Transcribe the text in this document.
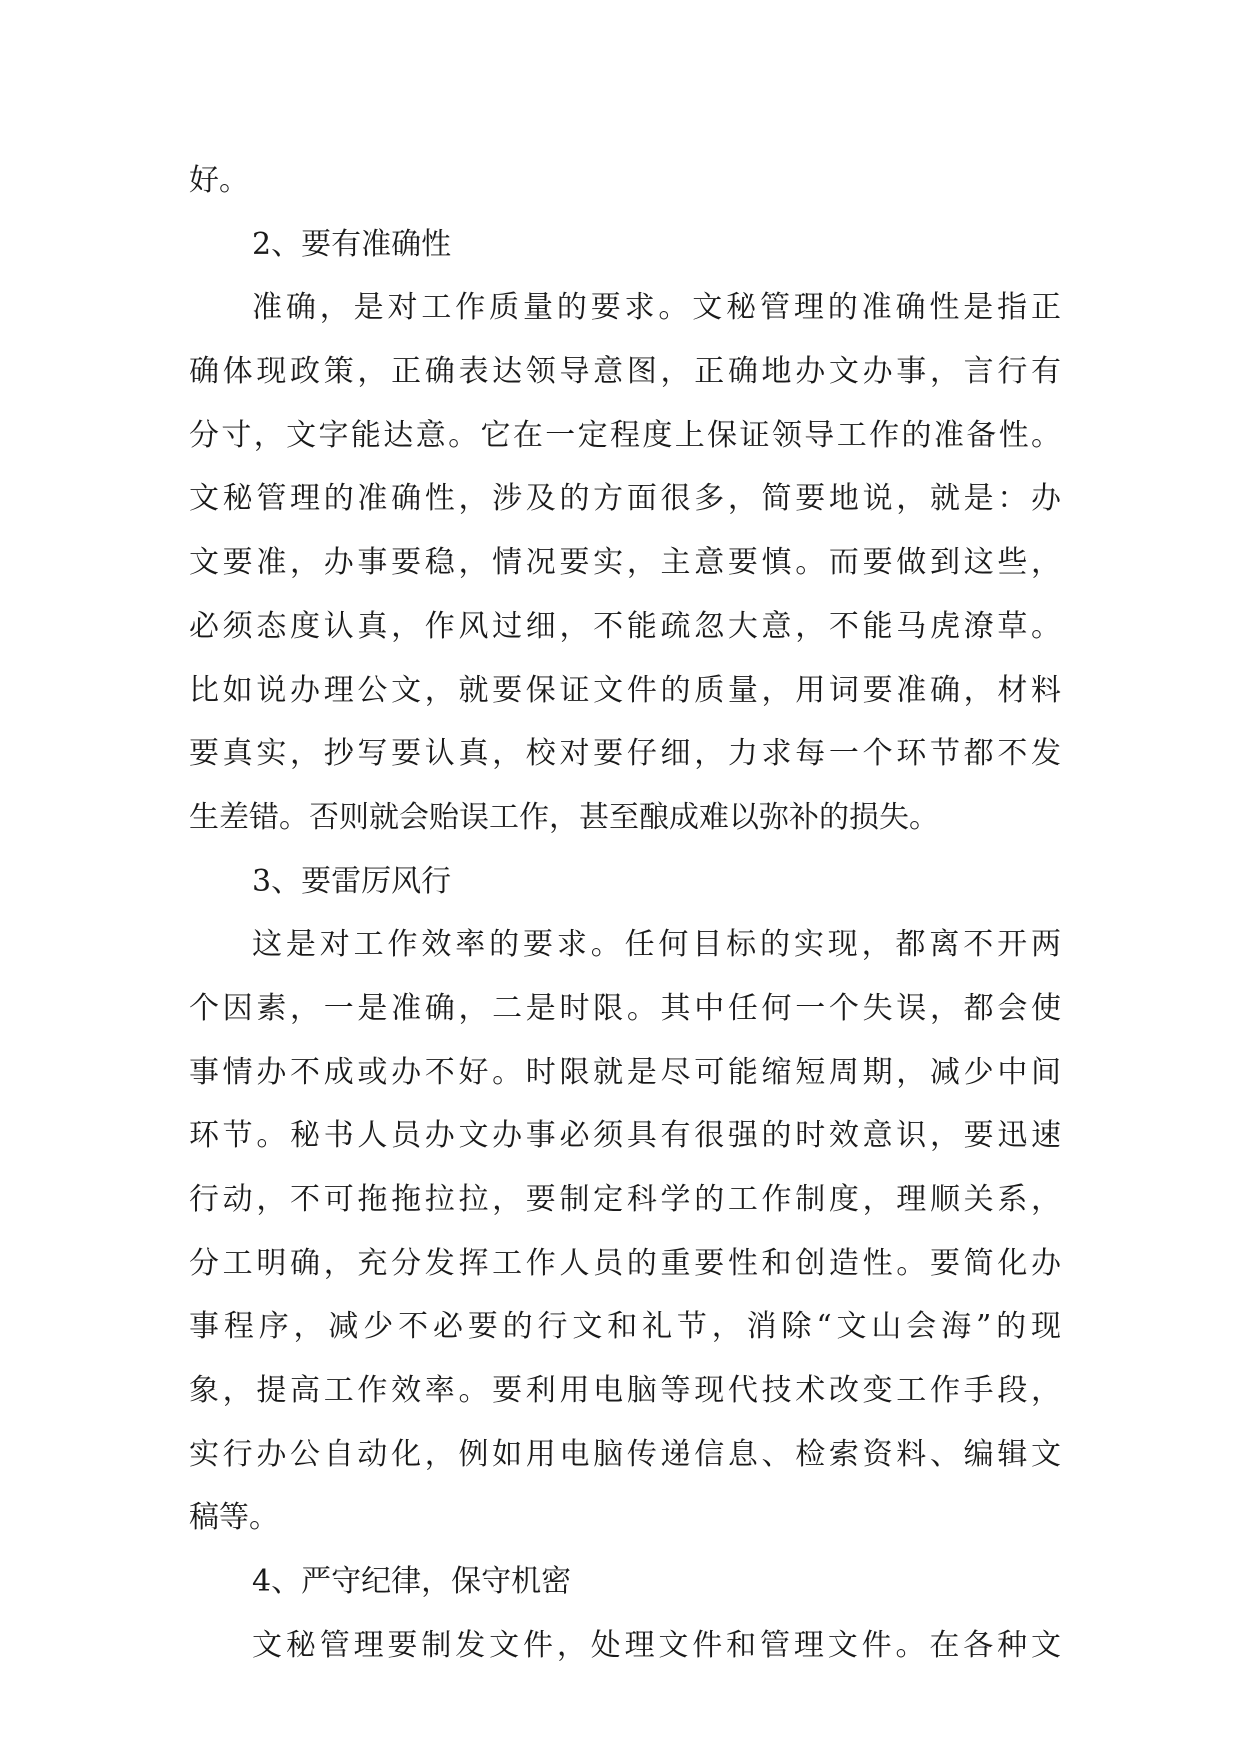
好。
2、要有准确性
准确，是对工作质量的要求。文秘管理的准确性是指正
确体现政策，正确表达领导意图，正确地办文办事，言行有
分寸，文字能达意。它在一定程度上保证领导工作的准备性。
文秘管理的准确性，涉及的方面很多，简要地说，就是：办
文要准，办事要稳，情况要实，主意要慎。而要做到这些，
必须态度认真，作风过细，不能疏忽大意，不能马虎潦草。
比如说办理公文，就要保证文件的质量，用词要准确，材料
要真实，抄写要认真，校对要仔细，力求每一个环节都不发
生差错。否则就会贻误工作，甚至酿成难以弥补的损失。
3、要雷厉风行
这是对工作效率的要求。任何目标的实现，都离不开两
个因素，一是准确，二是时限。其中任何一个失误，都会使
事情办不成或办不好。时限就是尽可能缩短周期，减少中间
环节。秘书人员办文办事必须具有很强的时效意识，要迅速
行动，不可拖拖拉拉，要制定科学的工作制度，理顺关系，
分工明确，充分发挥工作人员的重要性和创造性。要简化办
事程序，减少不必要的行文和礼节，消除“文山会海”的现
象，提高工作效率。要利用电脑等现代技术改变工作手段，
实行办公自动化，例如用电脑传递信息、检索资料、编辑文
稿等。
4、严守纪律，保守机密
文秘管理要制发文件，处理文件和管理文件。在各种文
